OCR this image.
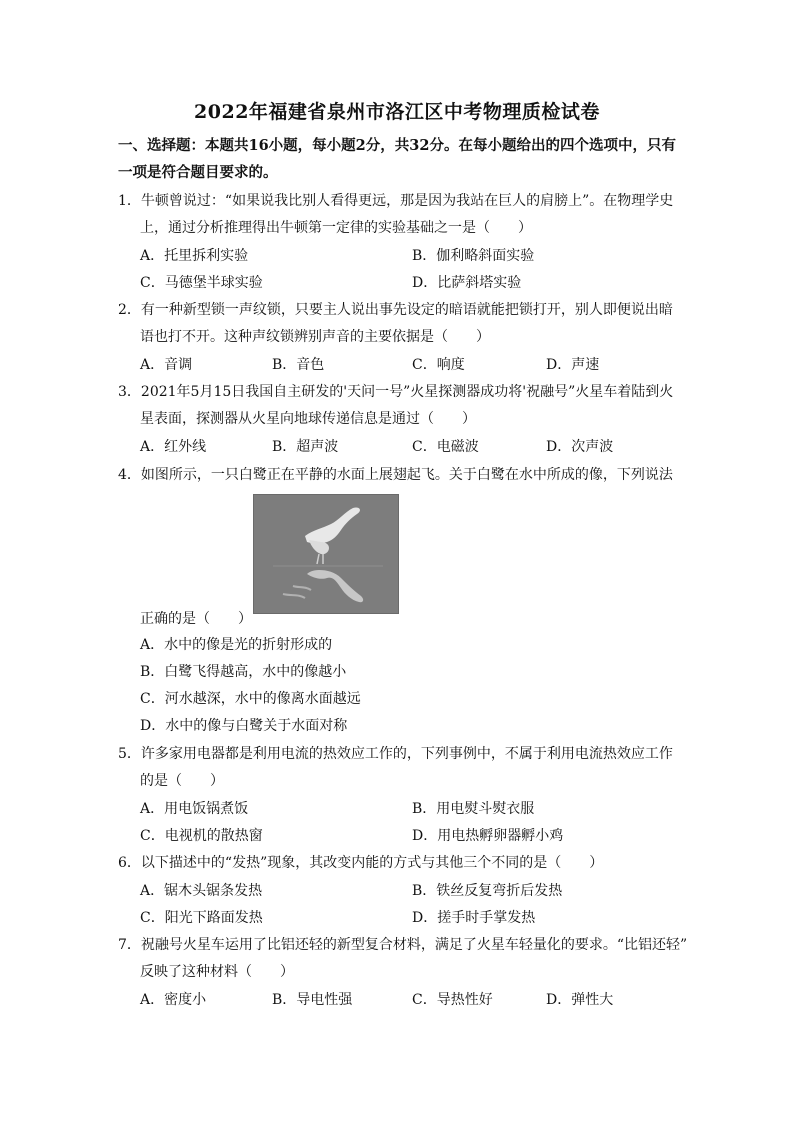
2022年福建省泉州市洛江区中考物理质检试卷
一、选择题：本题共16小题，每小题2分，共32分。在每小题给出的四个选项中，只有一项是符合题目要求的。
1．牛顿曾说过：“如果说我比别人看得更远，那是因为我站在巨人的肩膀上”。在物理学史
上，通过分析推理得出牛顿第一定律的实验基础之一是（　　）
A．托里拆利实验	B．伽利略斜面实验
C．马德堡半球实验	D．比萨斜塔实验
2．有一种新型锁一声纹锁，只要主人说出事先设定的暗语就能把锁打开，别人即便说出暗
语也打不开。这种声纹锁辨别声音的主要依据是（　　）
A．音调	B．音色	C．响度	D．声速
3．2021年5月15日我国自主研发的'天问一号”火星探测器成功将'祝融号”火星车着陆到火
星表面，探测器从火星向地球传递信息是通过（　　）
A．红外线	B．超声波	C．电磁波	D．次声波
4．如图所示，一只白鹭正在平静的水面上展翅起飞。关于白鹭在水中所成的像，下列说法
正确的是（　　）
A．水中的像是光的折射形成的
B．白鹭飞得越高，水中的像越小
C．河水越深，水中的像离水面越远
D．水中的像与白鹭关于水面对称
5．许多家用电器都是利用电流的热效应工作的，下列事例中，不属于利用电流热效应工作
的是（　　）
A．用电饭锅煮饭	B．用电熨斗熨衣服
C．电视机的散热窗	D．用电热孵卵器孵小鸡
6．以下描述中的“发热”现象，其改变内能的方式与其他三个不同的是（　　）
A．锯木头锯条发热	B．铁丝反复弯折后发热
C．阳光下路面发热	D．搓手时手掌发热
7．祝融号火星车运用了比铝还轻的新型复合材料，满足了火星车轻量化的要求。“比铝还轻”
反映了这种材料（　　）
A．密度小	B．导电性强	C．导热性好	D．弹性大
